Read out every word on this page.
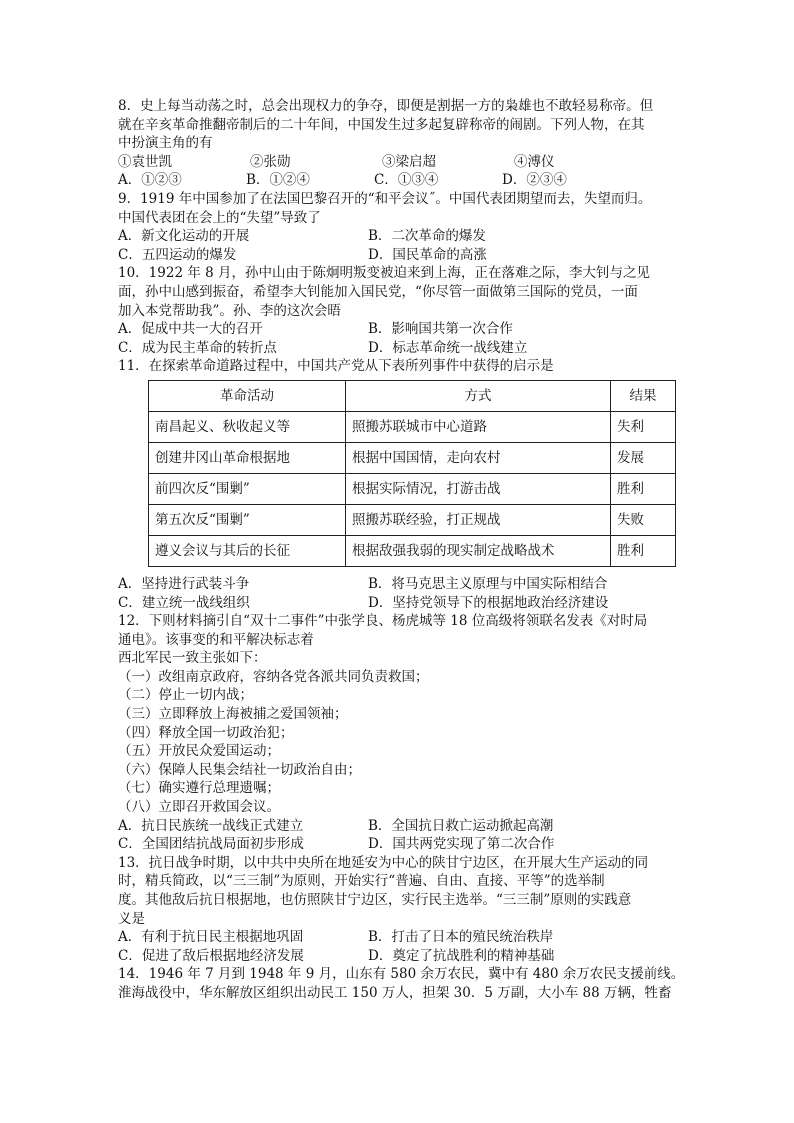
8．史上每当动荡之时，总会出现权力的争夺，即便是割据一方的枭雄也不敢轻易称帝。但
就在辛亥革命推翻帝制后的二十年间，中国发生过多起复辟称帝的闹剧。下列人物，在其
中扮演主角的有
①袁世凯	②张勋	③梁启超	④溥仪
A．①②③	B．①②④	C．①③④	D．②③④
9．1919 年中国参加了在法国巴黎召开的“和平会议˝。中国代表团期望而去，失望而归。
中国代表团在会上的“失望”导致了
A．新文化运动的开展	B．二次革命的爆发
C．五四运动的爆发	D．国民革命的高涨
10．1922 年 8 月，孙中山由于陈炯明叛变被迫来到上海，正在落难之际，李大钊与之见
面，孙中山感到振奋，希望李大钊能加入国民党，“你尽管一面做第三国际的党员，一面
加入本党帮助我”。孙、李的这次会晤
A．促成中共一大的召开	B．影响国共第一次合作
C．成为民主革命的转折点	D．标志革命统一战线建立
11．在探索革命道路过程中，中国共产党从下表所列事件中获得的启示是
革命活动	方式	结果
南昌起义、秋收起义等	照搬苏联城市中心道路	失利
创建井冈山革命根据地	根据中国国情，走向农村	发展
前四次反“围剿”	根据实际情况，打游击战	胜利
第五次反“围剿”	照搬苏联经验，打正规战	失败
遵义会议与其后的长征	根据敌强我弱的现实制定战略战术	胜利
A．坚持进行武装斗争	B．将马克思主义原理与中国实际相结合
C．建立统一战线组织	D．坚持党领导下的根据地政治经济建设
12．下则材料摘引自“双十二事件”中张学良、杨虎城等 18 位高级将领联名发表《对时局
通电》。该事变的和平解决标志着
西北军民一致主张如下：
（一）改组南京政府，容纳各党各派共同负责救国；
（二）停止一切内战；
（三）立即释放上海被捕之爱国领袖；
（四）释放全国一切政治犯；
（五）开放民众爱国运动；
（六）保障人民集会结社一切政治自由；
（七）确实遵行总理遗嘱；
（八）立即召开救国会议。
A．抗日民族统一战线正式建立	B．全国抗日救亡运动掀起高潮
C．全国团结抗战局面初步形成	D．国共两党实现了第二次合作
13．抗日战争时期，以中共中央所在地延安为中心的陕甘宁边区，在开展大生产运动的同
时，精兵简政，以“三三制”为原则，开始实行“普遍、自由、直接、平等”的选举制
度。其他敌后抗日根据地，也仿照陕甘宁边区，实行民主选举。“三三制”原则的实践意
义是
A．有利于抗日民主根据地巩固	B．打击了日本的殖民统治秩岸
C．促进了敌后根据地经济发展	D．奠定了抗战胜利的精神基础
14．1946 年 7 月到 1948 年 9 月，山东有 580 余万农民，冀中有 480 余万农民支援前线。
淮海战役中，华东解放区组织出动民工 150 万人，担架 30．5 万副，大小车 88 万辆，牲畜
